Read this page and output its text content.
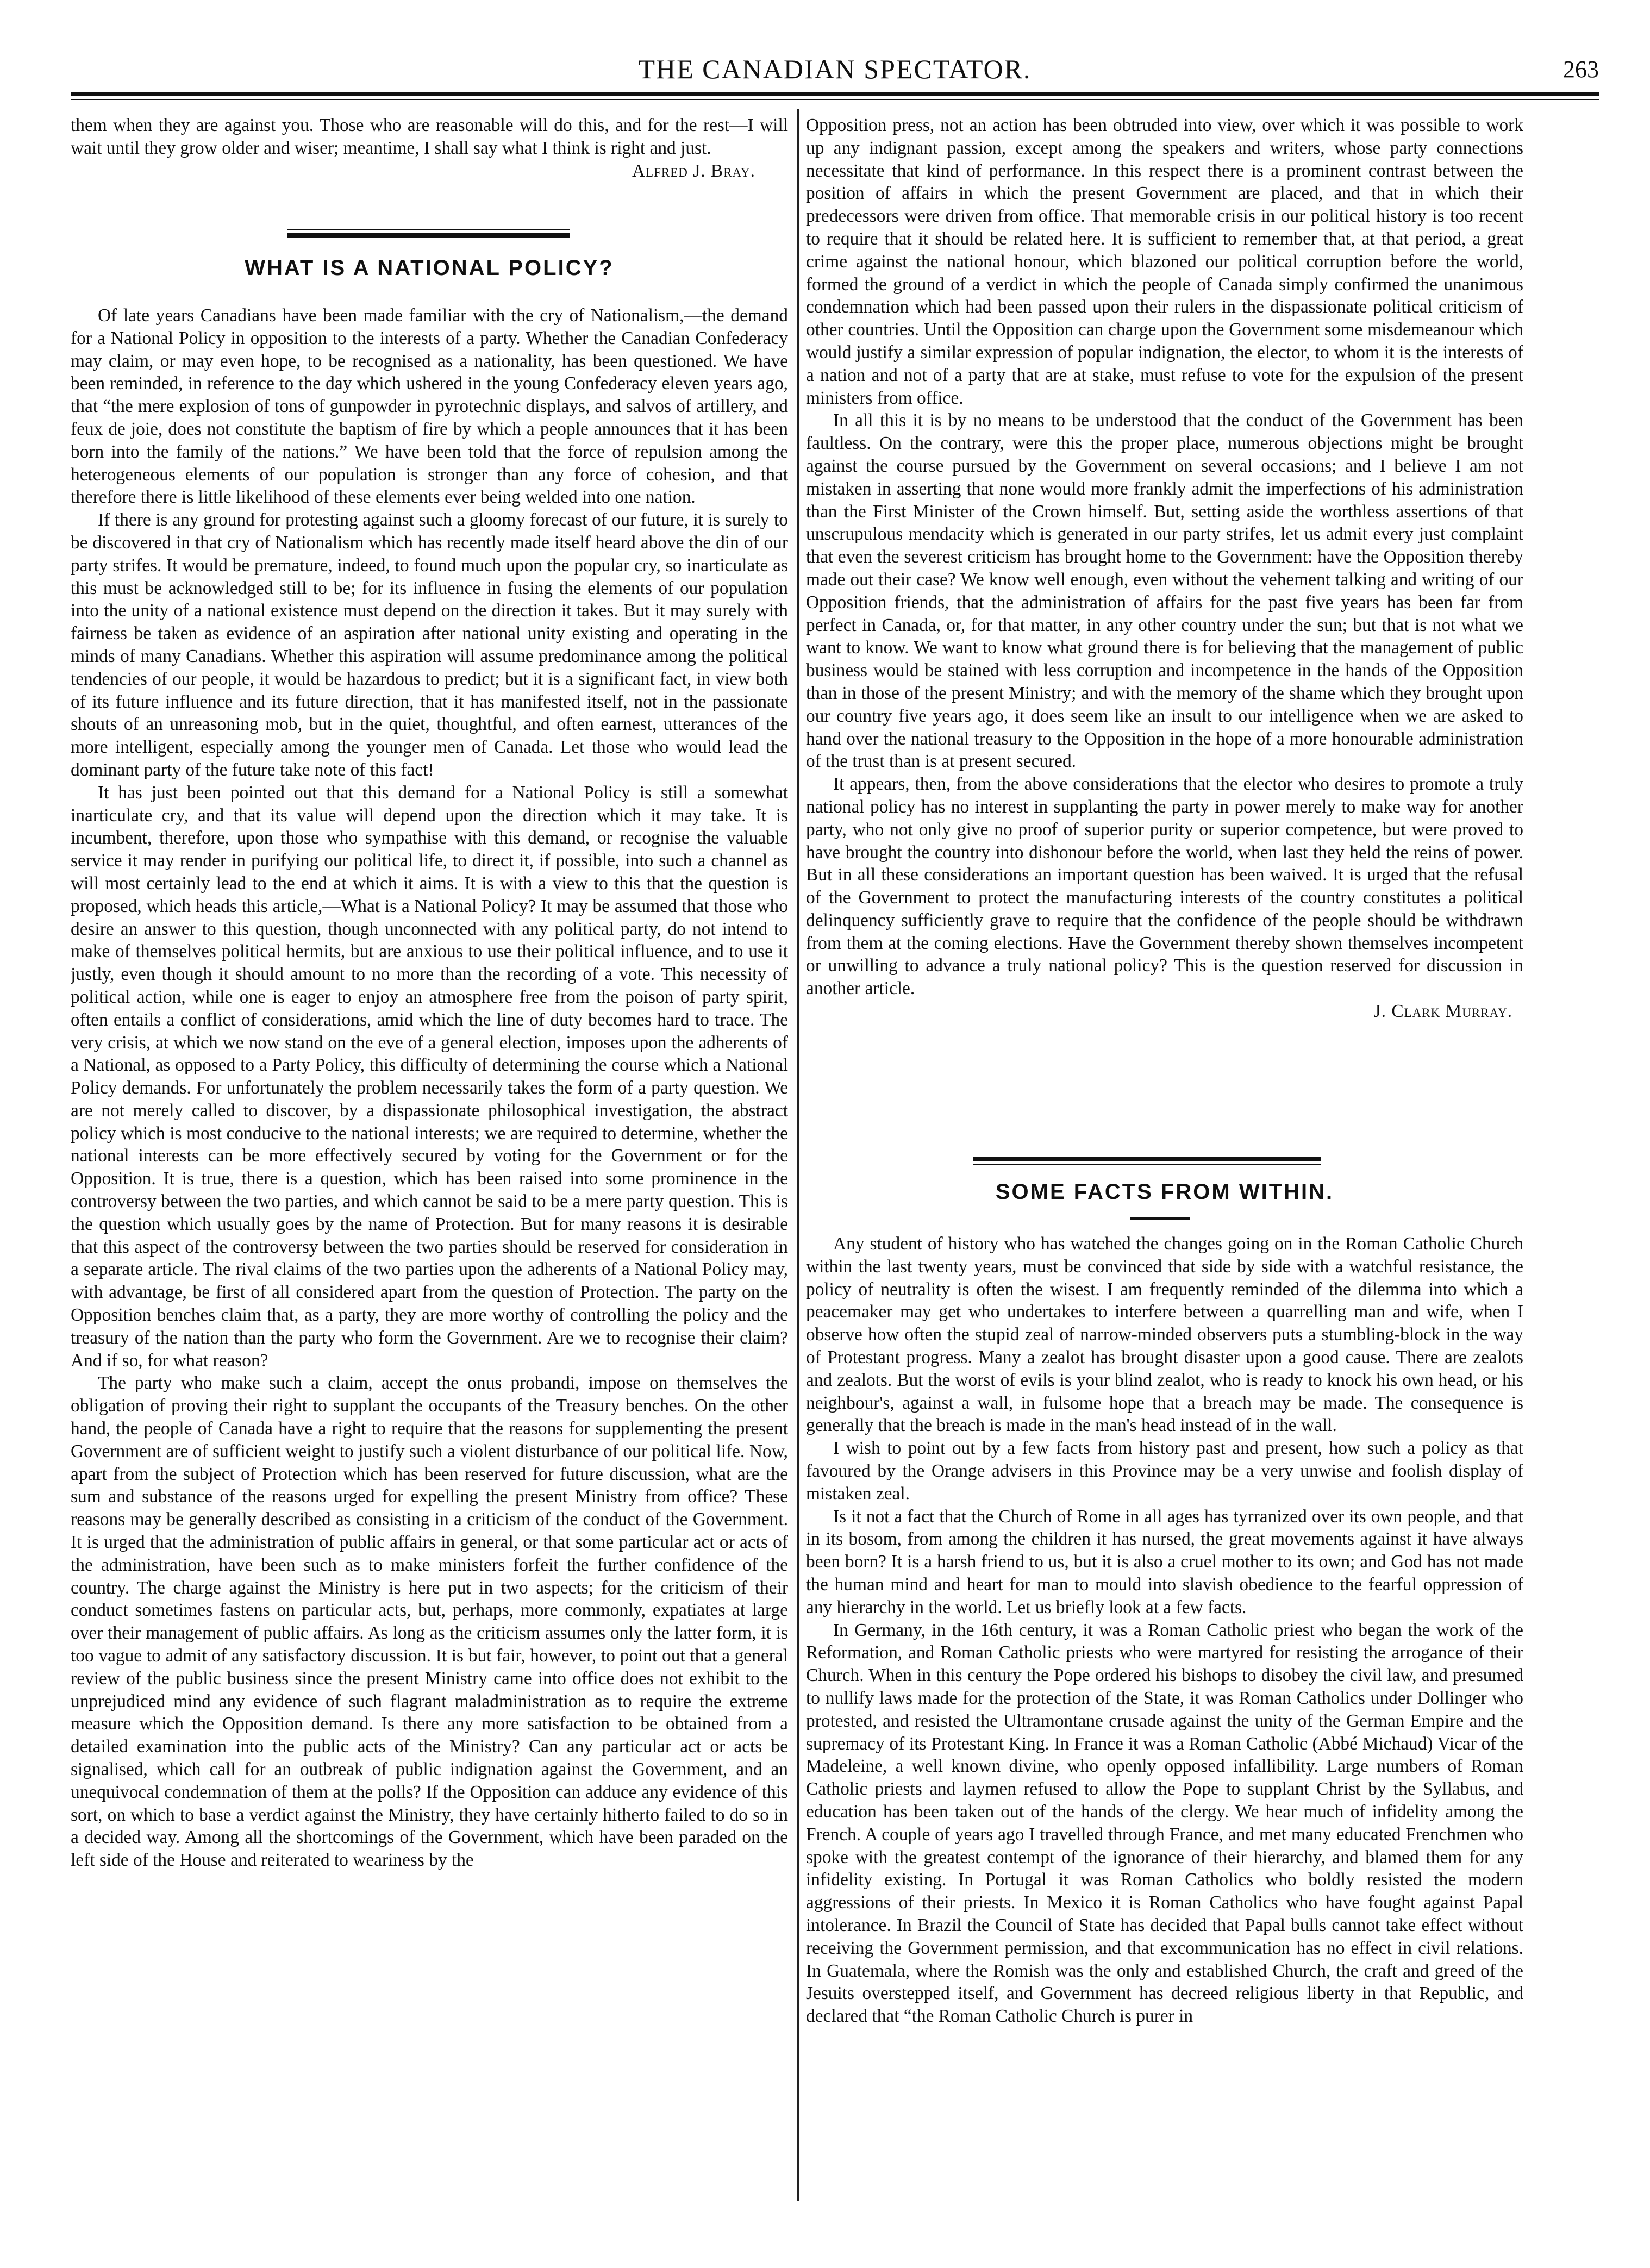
THE CANADIAN SPECTATOR.	263

them when they are against you. Those who are reasonable will do this, and for the rest—I will wait until they grow older and wiser; meantime, I shall say what I think is right and just.

Alfred J. Bray.
WHAT IS A NATIONAL POLICY?

Of late years Canadians have been made familiar with the cry of Nationalism,—the demand for a National Policy in opposition to the interests of a party. Whether the Canadian Confederacy may claim, or may even hope, to be recognised as a nationality, has been questioned. We have been reminded, in reference to the day which ushered in the young Confederacy eleven years ago, that “the mere explosion of tons of gunpowder in pyrotechnic displays, and salvos of artillery, and feux de joie, does not constitute the baptism of fire by which a people announces that it has been born into the family of the nations.” We have been told that the force of repulsion among the heterogeneous elements of our population is stronger than any force of cohesion, and that therefore there is little likelihood of these elements ever being welded into one nation.

If there is any ground for protesting against such a gloomy forecast of our future, it is surely to be discovered in that cry of Nationalism which has recently made itself heard above the din of our party strifes. It would be premature, indeed, to found much upon the popular cry, so inarticulate as this must be acknowledged still to be; for its influence in fusing the elements of our population into the unity of a national existence must depend on the direction it takes. But it may surely with fairness be taken as evidence of an aspiration after national unity existing and operating in the minds of many Canadians. Whether this aspiration will assume predominance among the political tendencies of our people, it would be hazardous to predict; but it is a significant fact, in view both of its future influence and its future direction, that it has manifested itself, not in the passionate shouts of an unreasoning mob, but in the quiet, thoughtful, and often earnest, utterances of the more intelligent, especially among the younger men of Canada. Let those who would lead the dominant party of the future take note of this fact!

It has just been pointed out that this demand for a National Policy is still a somewhat inarticulate cry, and that its value will depend upon the direction which it may take. It is incumbent, therefore, upon those who sympathise with this demand, or recognise the valuable service it may render in purifying our political life, to direct it, if possible, into such a channel as will most certainly lead to the end at which it aims. It is with a view to this that the question is proposed, which heads this article,—What is a National Policy? It may be assumed that those who desire an answer to this question, though unconnected with any political party, do not intend to make of themselves political hermits, but are anxious to use their political influence, and to use it justly, even though it should amount to no more than the recording of a vote. This necessity of political action, while one is eager to enjoy an atmosphere free from the poison of party spirit, often entails a conflict of considerations, amid which the line of duty becomes hard to trace. The very crisis, at which we now stand on the eve of a general election, imposes upon the adherents of a National, as opposed to a Party Policy, this difficulty of determining the course which a National Policy demands. For unfortunately the problem necessarily takes the form of a party question. We are not merely called to discover, by a dispassionate philosophical investigation, the abstract policy which is most conducive to the national interests; we are required to determine, whether the national interests can be more effectively secured by voting for the Government or for the Opposition. It is true, there is a question, which has been raised into some prominence in the controversy between the two parties, and which cannot be said to be a mere party question. This is the question which usually goes by the name of Protection. But for many reasons it is desirable that this aspect of the controversy between the two parties should be reserved for consideration in a separate article. The rival claims of the two parties upon the adherents of a National Policy may, with advantage, be first of all considered apart from the question of Protection. The party on the Opposition benches claim that, as a party, they are more worthy of controlling the policy and the treasury of the nation than the party who form the Government. Are we to recognise their claim? And if so, for what reason?

The party who make such a claim, accept the onus probandi, impose on themselves the obligation of proving their right to supplant the occupants of the Treasury benches. On the other hand, the people of Canada have a right to require that the reasons for supplementing the present Government are of sufficient weight to justify such a violent disturbance of our political life. Now, apart from the subject of Protection which has been reserved for future discussion, what are the sum and substance of the reasons urged for expelling the present Ministry from office? These reasons may be generally described as consisting in a criticism of the conduct of the Government. It is urged that the administration of public affairs in general, or that some particular act or acts of the administration, have been such as to make ministers forfeit the further confidence of the country. The charge against the Ministry is here put in two aspects; for the criticism of their conduct sometimes fastens on particular acts, but, perhaps, more commonly, expatiates at large over their management of public affairs. As long as the criticism assumes only the latter form, it is too vague to admit of any satisfactory discussion. It is but fair, however, to point out that a general review of the public business since the present Ministry came into office does not exhibit to the unprejudiced mind any evidence of such flagrant maladministration as to require the extreme measure which the Opposition demand. Is there any more satisfaction to be obtained from a detailed examination into the public acts of the Ministry? Can any particular act or acts be signalised, which call for an outbreak of public indignation against the Government, and an unequivocal condemnation of them at the polls? If the Opposition can adduce any evidence of this sort, on which to base a verdict against the Ministry, they have certainly hitherto failed to do so in a decided way. Among all the shortcomings of the Government, which have been paraded on the left side of the House and reiterated to weariness by the

Opposition press, not an action has been obtruded into view, over which it was possible to work up any indignant passion, except among the speakers and writers, whose party connections necessitate that kind of performance. In this respect there is a prominent contrast between the position of affairs in which the present Government are placed, and that in which their predecessors were driven from office. That memorable crisis in our political history is too recent to require that it should be related here. It is sufficient to remember that, at that period, a great crime against the national honour, which blazoned our political corruption before the world, formed the ground of a verdict in which the people of Canada simply confirmed the unanimous condemnation which had been passed upon their rulers in the dispassionate political criticism of other countries. Until the Opposition can charge upon the Government some misdemeanour which would justify a similar expression of popular indignation, the elector, to whom it is the interests of a nation and not of a party that are at stake, must refuse to vote for the expulsion of the present ministers from office.

In all this it is by no means to be understood that the conduct of the Government has been faultless. On the contrary, were this the proper place, numerous objections might be brought against the course pursued by the Government on several occasions; and I believe I am not mistaken in asserting that none would more frankly admit the imperfections of his administration than the First Minister of the Crown himself. But, setting aside the worthless assertions of that unscrupulous mendacity which is generated in our party strifes, let us admit every just complaint that even the severest criticism has brought home to the Government: have the Opposition thereby made out their case? We know well enough, even without the vehement talking and writing of our Opposition friends, that the administration of affairs for the past five years has been far from perfect in Canada, or, for that matter, in any other country under the sun; but that is not what we want to know. We want to know what ground there is for believing that the management of public business would be stained with less corruption and incompetence in the hands of the Opposition than in those of the present Ministry; and with the memory of the shame which they brought upon our country five years ago, it does seem like an insult to our intelligence when we are asked to hand over the national treasury to the Opposition in the hope of a more honourable administration of the trust than is at present secured.

It appears, then, from the above considerations that the elector who desires to promote a truly national policy has no interest in supplanting the party in power merely to make way for another party, who not only give no proof of superior purity or superior competence, but were proved to have brought the country into dishonour before the world, when last they held the reins of power. But in all these considerations an important question has been waived. It is urged that the refusal of the Government to protect the manufacturing interests of the country constitutes a political delinquency sufficiently grave to require that the confidence of the people should be withdrawn from them at the coming elections. Have the Government thereby shown themselves incompetent or unwilling to advance a truly national policy? This is the question reserved for discussion in another article.

J. Clark Murray.
SOME FACTS FROM WITHIN.

Any student of history who has watched the changes going on in the Roman Catholic Church within the last twenty years, must be convinced that side by side with a watchful resistance, the policy of neutrality is often the wisest. I am frequently reminded of the dilemma into which a peacemaker may get who undertakes to interfere between a quarrelling man and wife, when I observe how often the stupid zeal of narrow-minded observers puts a stumbling-block in the way of Protestant progress. Many a zealot has brought disaster upon a good cause. There are zealots and zealots. But the worst of evils is your blind zealot, who is ready to knock his own head, or his neighbour's, against a wall, in fulsome hope that a breach may be made. The consequence is generally that the breach is made in the man's head instead of in the wall.

I wish to point out by a few facts from history past and present, how such a policy as that favoured by the Orange advisers in this Province may be a very unwise and foolish display of mistaken zeal.

Is it not a fact that the Church of Rome in all ages has tyrranized over its own people, and that in its bosom, from among the children it has nursed, the great movements against it have always been born? It is a harsh friend to us, but it is also a cruel mother to its own; and God has not made the human mind and heart for man to mould into slavish obedience to the fearful oppression of any hierarchy in the world. Let us briefly look at a few facts.

In Germany, in the 16th century, it was a Roman Catholic priest who began the work of the Reformation, and Roman Catholic priests who were martyred for resisting the arrogance of their Church. When in this century the Pope ordered his bishops to disobey the civil law, and presumed to nullify laws made for the protection of the State, it was Roman Catholics under Dollinger who protested, and resisted the Ultramontane crusade against the unity of the German Empire and the supremacy of its Protestant King. In France it was a Roman Catholic (Abbé Michaud) Vicar of the Madeleine, a well known divine, who openly opposed infallibility. Large numbers of Roman Catholic priests and laymen refused to allow the Pope to supplant Christ by the Syllabus, and education has been taken out of the hands of the clergy. We hear much of infidelity among the French. A couple of years ago I travelled through France, and met many educated Frenchmen who spoke with the greatest contempt of the ignorance of their hierarchy, and blamed them for any infidelity existing. In Portugal it was Roman Catholics who boldly resisted the modern aggressions of their priests. In Mexico it is Roman Catholics who have fought against Papal intolerance. In Brazil the Council of State has decided that Papal bulls cannot take effect without receiving the Government permission, and that excommunication has no effect in civil relations. In Guatemala, where the Romish was the only and established Church, the craft and greed of the Jesuits overstepped itself, and Government has decreed religious liberty in that Republic, and declared that “the Roman Catholic Church is purer in
